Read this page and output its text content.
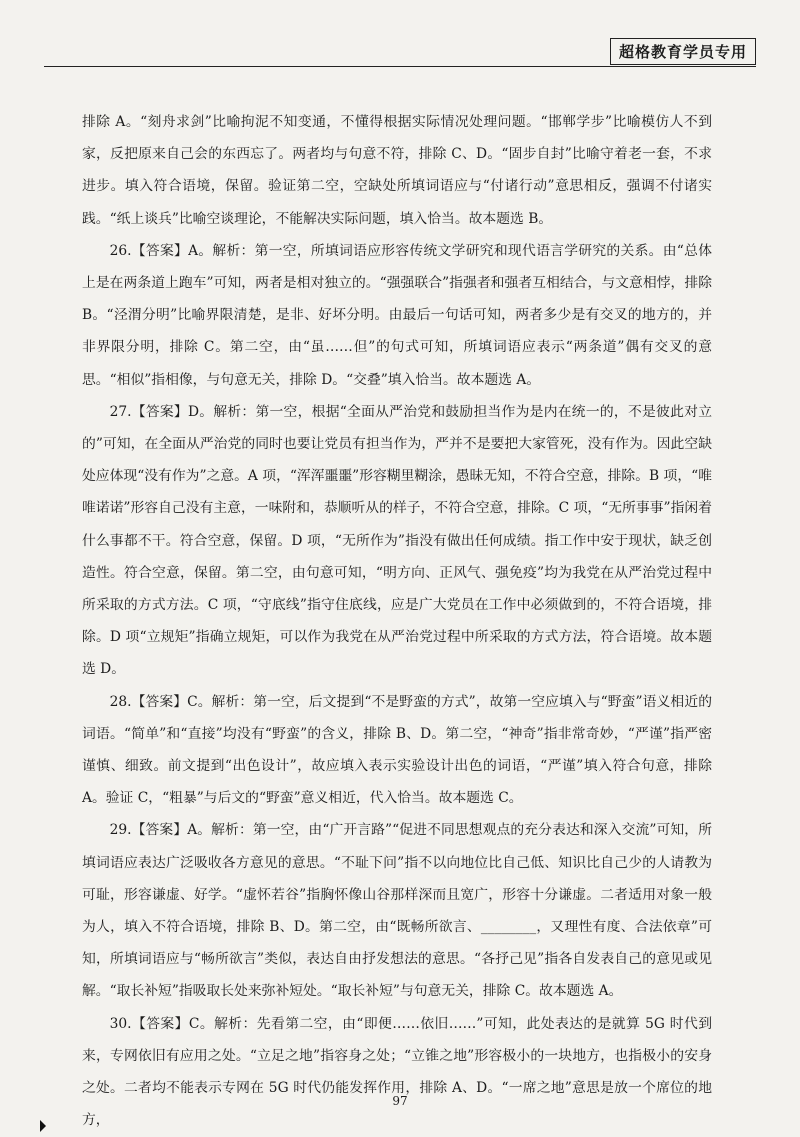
超格教育学员专用

排除 A。“刻舟求剑”比喻拘泥不知变通，不懂得根据实际情况处理问题。“邯郸学步”比喻模仿人不到家，反把原来自己会的东西忘了。两者均与句意不符，排除 C、D。“固步自封”比喻守着老一套，不求进步。填入符合语境，保留。验证第二空，空缺处所填词语应与“付诸行动”意思相反，强调不付诸实践。“纸上谈兵”比喻空谈理论，不能解决实际问题，填入恰当。故本题选 B。

26.【答案】A。解析：第一空，所填词语应形容传统文学研究和现代语言学研究的关系。由“总体上是在两条道上跑车”可知，两者是相对独立的。“强强联合”指强者和强者互相结合，与文意相悖，排除 B。“泾渭分明”比喻界限清楚，是非、好坏分明。由最后一句话可知，两者多少是有交叉的地方的，并非界限分明，排除 C。第二空，由“虽……但”的句式可知，所填词语应表示“两条道”偶有交叉的意思。“相似”指相像，与句意无关，排除 D。“交叠”填入恰当。故本题选 A。

27.【答案】D。解析：第一空，根据“全面从严治党和鼓励担当作为是内在统一的，不是彼此对立的”可知，在全面从严治党的同时也要让党员有担当作为，严并不是要把大家管死，没有作为。因此空缺处应体现“没有作为”之意。A 项，“浑浑噩噩”形容糊里糊涂，愚昧无知，不符合空意，排除。B 项，“唯唯诺诺”形容自己没有主意，一味附和，恭顺听从的样子，不符合空意，排除。C 项，“无所事事”指闲着什么事都不干。符合空意，保留。D 项，“无所作为”指没有做出任何成绩。指工作中安于现状，缺乏创造性。符合空意，保留。第二空，由句意可知，“明方向、正风气、强免疫”均为我党在从严治党过程中所采取的方式方法。C 项，“守底线”指守住底线，应是广大党员在工作中必须做到的，不符合语境，排除。D 项“立规矩”指确立规矩，可以作为我党在从严治党过程中所采取的方式方法，符合语境。故本题选 D。

28.【答案】C。解析：第一空，后文提到“不是野蛮的方式”，故第一空应填入与“野蛮”语义相近的词语。“简单”和“直接”均没有“野蛮”的含义，排除 B、D。第二空，“神奇”指非常奇妙，“严谨”指严密谨慎、细致。前文提到“出色设计”，故应填入表示实验设计出色的词语，“严谨”填入符合句意，排除 A。验证 C，“粗暴”与后文的“野蛮”意义相近，代入恰当。故本题选 C。

29.【答案】A。解析：第一空，由“广开言路”“促进不同思想观点的充分表达和深入交流”可知，所填词语应表达广泛吸收各方意见的意思。“不耻下问”指不以向地位比自己低、知识比自己少的人请教为可耻，形容谦虚、好学。“虚怀若谷”指胸怀像山谷那样深而且宽广，形容十分谦虚。二者适用对象一般为人，填入不符合语境，排除 B、D。第二空，由“既畅所欲言、________，又理性有度、合法依章”可知，所填词语应与“畅所欲言”类似，表达自由抒发想法的意思。“各抒己见”指各自发表自己的意见或见解。“取长补短”指吸取长处来弥补短处。“取长补短”与句意无关，排除 C。故本题选 A。

30.【答案】C。解析：先看第二空，由“即便……依旧……”可知，此处表达的是就算 5G 时代到来，专网依旧有应用之处。“立足之地”指容身之处；“立锥之地”形容极小的一块地方，也指极小的安身之处。二者均不能表示专网在 5G 时代仍能发挥作用，排除 A、D。“一席之地”意思是放一个席位的地方，

97
